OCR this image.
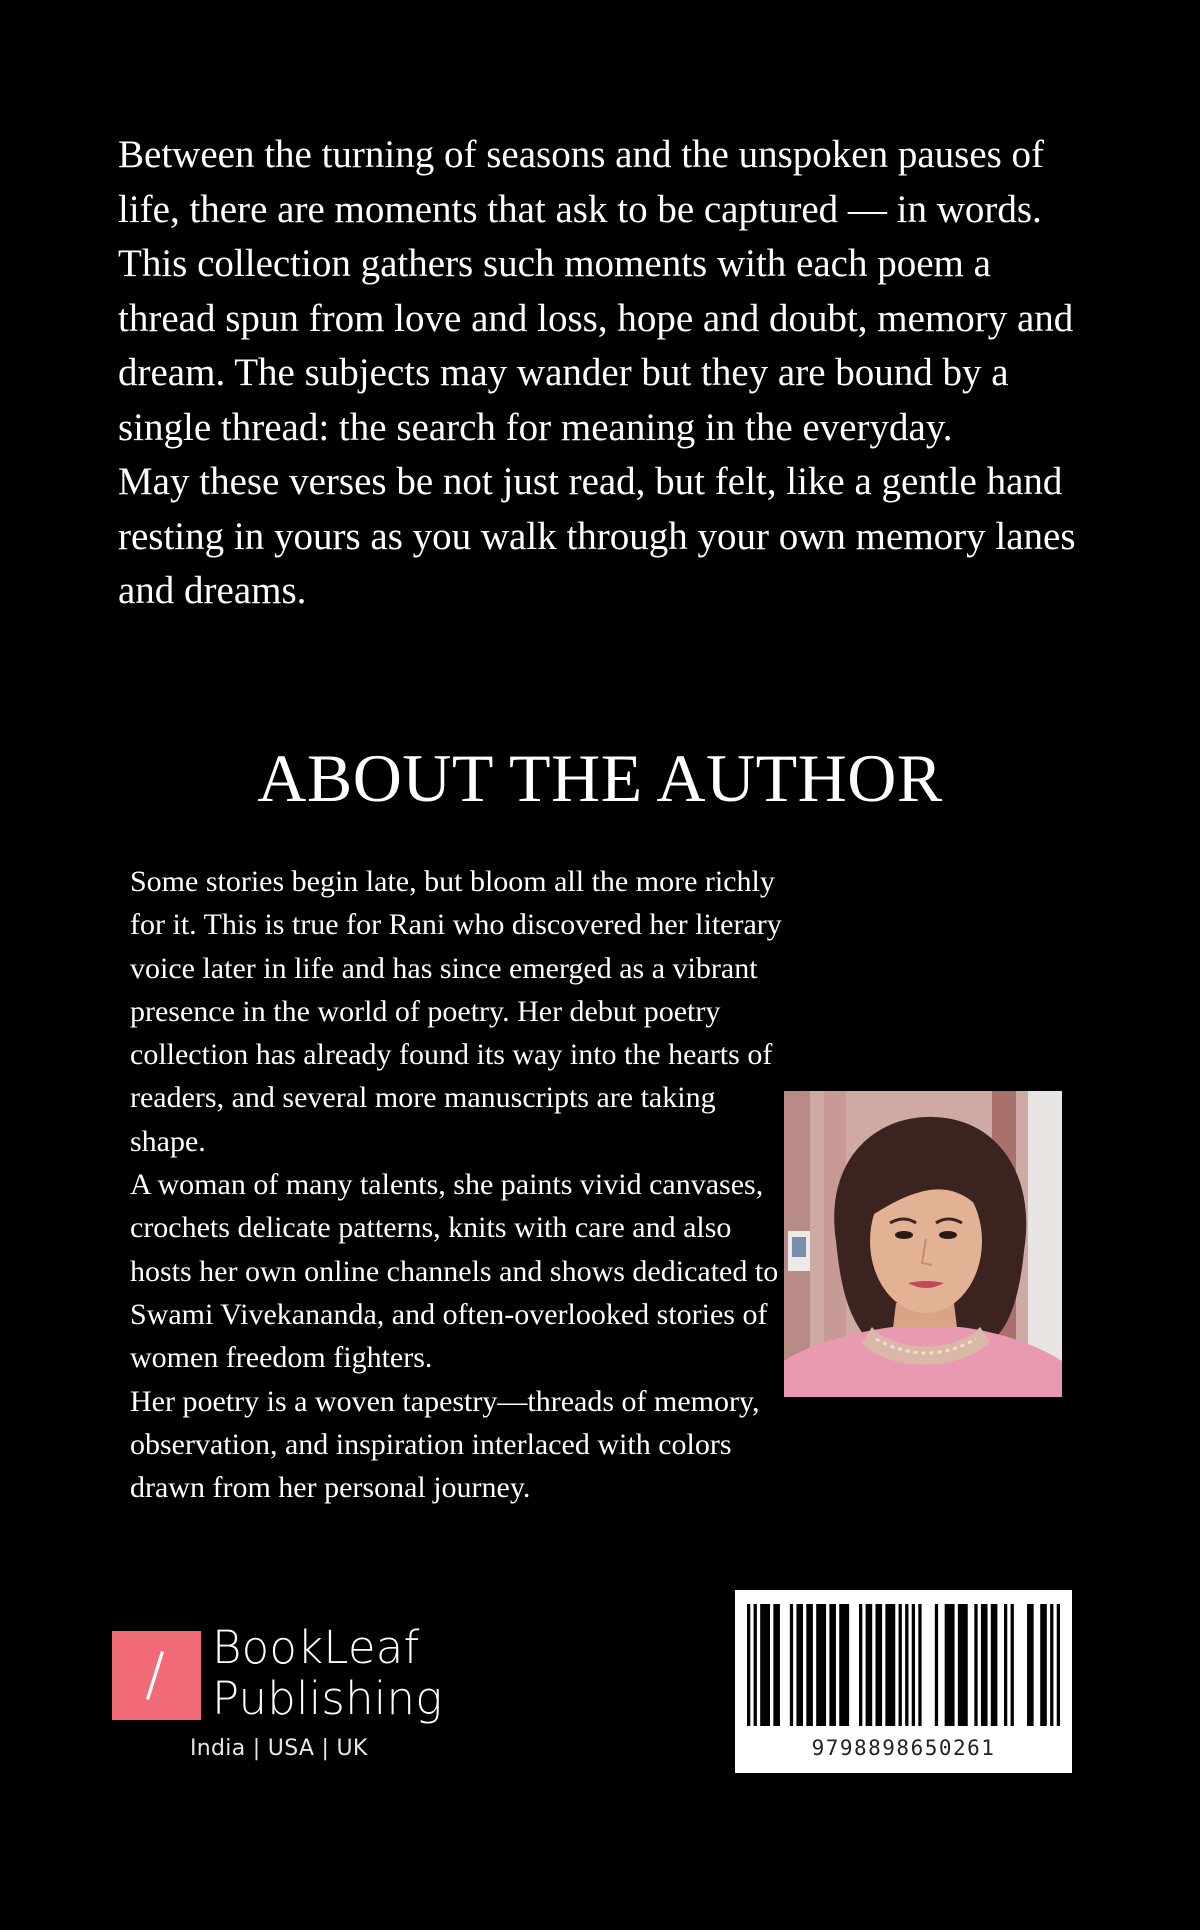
Between the turning of seasons and the unspoken pauses of life, there are moments that ask to be captured — in words. This collection gathers such moments with each poem a thread spun from love and loss, hope and doubt, memory and dream. The subjects may wander but they are bound by a single thread: the search for meaning in the everyday.

May these verses be not just read, but felt, like a gentle hand resting in yours as you walk through your own memory lanes and dreams.

ABOUT THE AUTHOR

Some stories begin late, but bloom all the more richly for it. This is true for Rani who discovered her literary voice later in life and has since emerged as a vibrant presence in the world of poetry. Her debut poetry collection has already found its way into the hearts of readers, and several more manuscripts are taking shape.

A woman of many talents, she paints vivid canvases, crochets delicate patterns, knits with care and also hosts her own online channels and shows dedicated to Swami Vivekananda, and often-overlooked stories of women freedom fighters.

Her poetry is a woven tapestry—threads of memory, observation, and inspiration interlaced with colors drawn from her personal journey.

BookLeaf
Publishing
India | USA | UK	9798898650261
